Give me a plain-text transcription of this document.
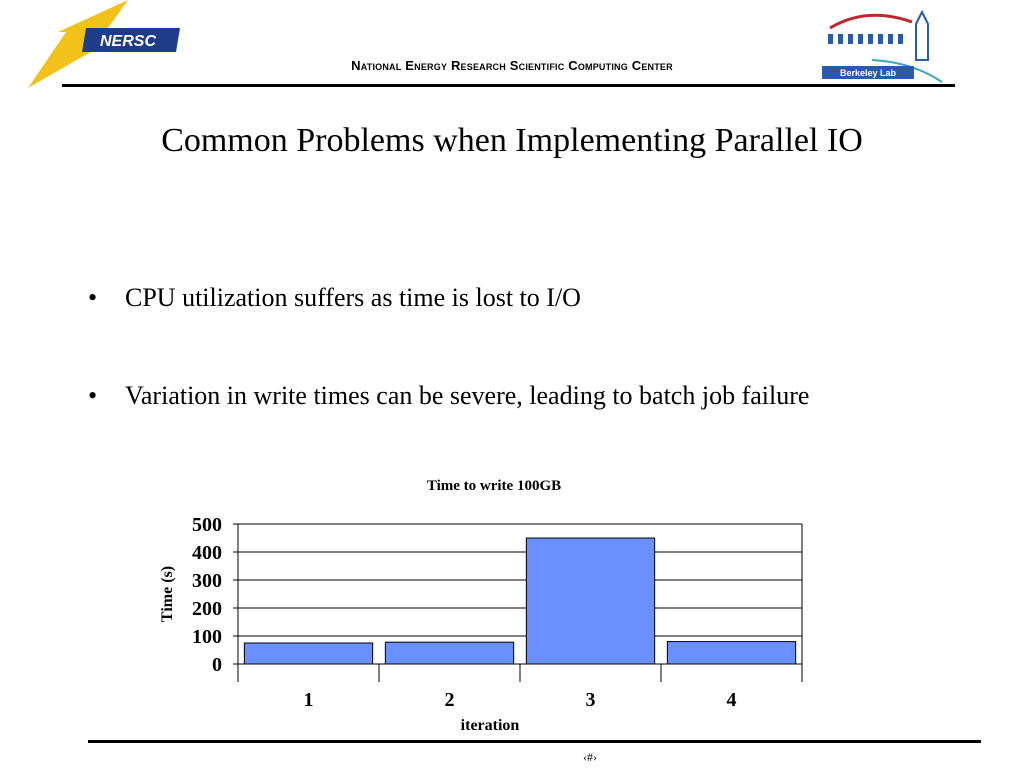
NERSC
National Energy Research Scientific Computing Center	Berkeley Lab
Common Problems when Implementing Parallel IO
•	CPU utilization suffers as time is lost to I/O
•	Variation in write times can be severe, leading to batch job failure
Time to write 100GB
0
100
200
300
400
500
1	2	3	4
Time (s)
iteration
‹#›
